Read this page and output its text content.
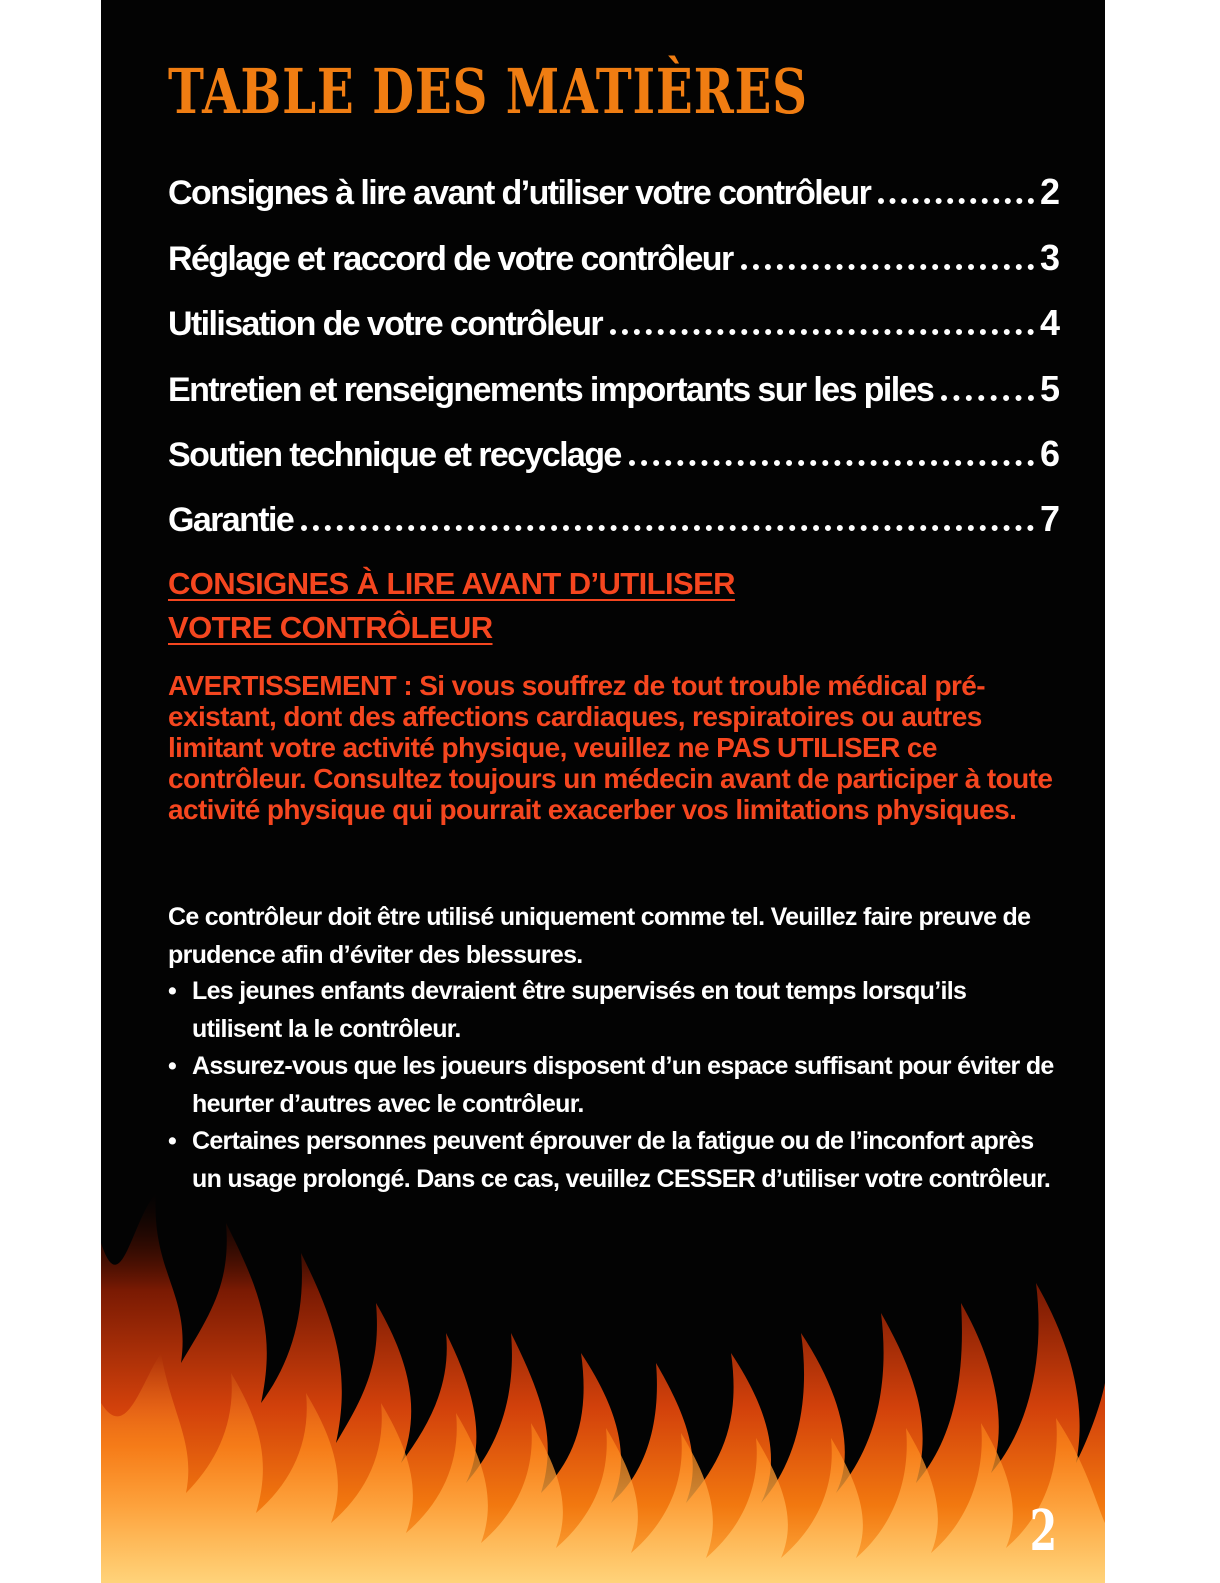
TABLE DES MATIÈRES
Consignes à lire avant d’utiliser votre contrôleur	2
Réglage et raccord de votre contrôleur	3
Utilisation de votre contrôleur	4
Entretien et renseignements importants sur les piles	5
Soutien technique et recyclage	6
Garantie	7
CONSIGNES À LIRE AVANT D’UTILISER
VOTRE CONTRÔLEUR

AVERTISSEMENT : Si vous souffrez de tout trouble médical pré-existant, dont des affections cardiaques, respiratoires ou autres limitant votre activité physique, veuillez ne PAS UTILISER ce contrôleur. Consultez toujours un médecin avant de participer à toute activité physique qui pourrait exacerber vos limitations physiques.

Ce contrôleur doit être utilisé uniquement comme tel. Veuillez faire preuve de prudence afin d’éviter des blessures.

• Les jeunes enfants devraient être supervisés en tout temps lorsqu’ils utilisent la le contrôleur.
• Assurez-vous que les joueurs disposent d’un espace suffisant pour éviter de heurter d’autres avec le contrôleur.
• Certaines personnes peuvent éprouver de la fatigue ou de l’inconfort après un usage prolongé. Dans ce cas, veuillez CESSER d’utiliser votre contrôleur.
2
